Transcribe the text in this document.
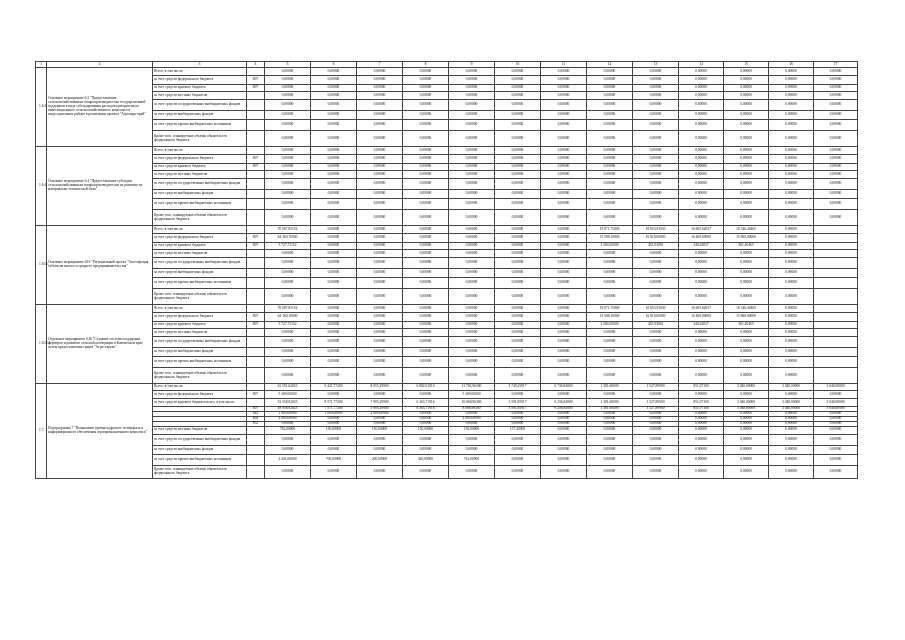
1	2	3	4	5	6	7	8	9	10	11	12	13	14	15	16	17
1.6.3.	Основное мероприятие 6.3 "Предоставление сельскохозяйственным товаропроизводителям государственной поддержки в виде субсидирования расходов приоритетного инвестиционного сельскохозяйственного комплекса в индустриальном районе в реализации проекта "Агропарк-край"	Всего, в том числе:		0,00000	0,00000	0,00000	0,00000	0,00000	0,00000	0,00000	0,00000	0,00000	0,00000	0,00000	0,00000	0,00000
		за счет средств федерального бюджета	807	0,00000	0,00000	0,00000	0,00000	0,00000	0,00000	0,00000	0,00000	0,00000	0,00000	0,00000	0,00000	0,00000
		за счет средств краевого бюджета	807	0,00000	0,00000	0,00000	0,00000	0,00000	0,00000	0,00000	0,00000	0,00000	0,00000	0,00000	0,00000	0,00000
		за счет средств местных бюджетов		0,00000	0,00000	0,00000	0,00000	0,00000	0,00000	0,00000	0,00000	0,00000	0,00000	0,00000	0,00000	0,00000
		за счет средств государственных внебюджетных фондов		0,00000	0,00000	0,00000	0,00000	0,00000	0,00000	0,00000	0,00000	0,00000	0,00000	0,00000	0,00000	0,00000
		за счет средств внебюджетных фондов		0,00000	0,00000	0,00000	0,00000	0,00000	0,00000	0,00000	0,00000	0,00000	0,00000	0,00000	0,00000	0,00000
		за счет средств прочих внебюджетных источников		0,00000	0,00000	0,00000	0,00000	0,00000	0,00000	0,00000	0,00000	0,00000	0,00000	0,00000	0,00000	0,00000
		Кроме того, планируемые объемы обязательств федерального бюджета		0,00000	0,00000	0,00000	0,00000	0,00000	0,00000	0,00000	0,00000	0,00000	0,00000	0,00000	0,00000	0,00000
1.6.4.	Основное мероприятие 6.4 "Предоставление субсидии сельскохозяйственным товаропроизводителям на развитие их материально-технической базы"	Всего, в том числе:		0,00000	0,00000	0,00000	0,00000	0,00000	0,00000	0,00000	0,00000	0,00000	0,00000	0,00000	0,00000	0,00000
		за счет средств федерального бюджета	807	0,00000	0,00000	0,00000	0,00000	0,00000	0,00000	0,00000	0,00000	0,00000	0,00000	0,00000	0,00000	0,00000
		за счет средств краевого бюджета	807	0,00000	0,00000	0,00000	0,00000	0,00000	0,00000	0,00000	0,00000	0,00000	0,00000	0,00000	0,00000	0,00000
		за счет средств местных бюджетов		0,00000	0,00000	0,00000	0,00000	0,00000	0,00000	0,00000	0,00000	0,00000	0,00000	0,00000	0,00000	0,00000
		за счет средств государственных внебюджетных фондов		0,00000	0,00000	0,00000	0,00000	0,00000	0,00000	0,00000	0,00000	0,00000	0,00000	0,00000	0,00000	0,00000
		за счет средств внебюджетных фондов		0,00000	0,00000	0,00000	0,00000	0,00000	0,00000	0,00000	0,00000	0,00000	0,00000	0,00000	0,00000	0,00000
		за счет средств прочих внебюджетных источников		0,00000	0,00000	0,00000	0,00000	0,00000	0,00000	0,00000	0,00000	0,00000	0,00000	0,00000	0,00000	0,00000
		Кроме того, планируемые объемы обязательств федерального бюджета		0,00000	0,00000	0,00000	0,00000	0,00000	0,00000	0,00000	0,00000	0,00000	0,00000	0,00000	0,00000	0,00000
1.6.IS.	Основное мероприятие 6.IS "Региональный проект "Акселерация субъектов малого и среднего предпринимательства"	Всего, в том числе:		70 087,85152	0,00000	0,00000	0,00000	0,00000	0,00000	0,00000	19 071,75000	18 853,93030	16 605,62037	16 346,40465	0,00000	
		за счет средств федерального бюджета	807	64 360,10000	0,00000	0,00000	0,00000	0,00000	0,00000	0,00000	15 588,10000	16 818,00000	16 460,00000	15 960,00000	0,00000	
		за счет средств краевого бюджета	807	5 727,75152	0,00000	0,00000	0,00000	0,00000	0,00000	0,00000	3 584,65000	435,93030	346,62037	361,40465	0,00000	
		за счет средств местных бюджетов		0,00000	0,00000	0,00000	0,00000	0,00000	0,00000	0,00000	0,00000	0,00000	0,00000	0,00000	0,00000	
		за счет средств государственных внебюджетных фондов		0,00000	0,00000	0,00000	0,00000	0,00000	0,00000	0,00000	0,00000	0,00000	0,00000	0,00000	0,00000	
		за счет средств внебюджетных фондов		0,00000	0,00000	0,00000	0,00000	0,00000	0,00000	0,00000	0,00000	0,00000	0,00000	0,00000	0,00000	
		за счет средств прочих внебюджетных источников		0,00000	0,00000	0,00000	0,00000	0,00000	0,00000	0,00000	0,00000	0,00000	0,00000	0,00000	0,00000	
		Кроме того, планируемые объемы обязательств федерального бюджета		0,00000	0,00000	0,00000	0,00000	0,00000	0,00000	0,00000	0,00000	0,00000	0,00000	0,00000	0,00000	
1.6.IS.1.	Отдельное мероприятие 6.IS "Создание системы поддержки фермеров и развитие сельской кооперации в Камчатском крае путем предоставления гранта "Агростартап"	Всего, в том числе:		70 087,85152	0,00000	0,00000	0,00000	0,00000	0,00000	0,00000	19 071,75000	18 853,93030	16 605,62037	16 346,40465	0,00000	
		за счет средств федерального бюджета	807	64 360,10000	0,00000	0,00000	0,00000	0,00000	0,00000	0,00000	15 588,10000	16 818,00000	16 460,00000	15 960,00000	0,00000	
		за счет средств краевого бюджета	807	5 727,75152	0,00000	0,00000	0,00000	0,00000	0,00000	0,00000	3 584,65000	435,93030	346,62037	361,40465	0,00000	
		за счет средств местных бюджетов		0,00000	0,00000	0,00000	0,00000	0,00000	0,00000	0,00000	0,00000	0,00000	0,00000	0,00000	0,00000	
		за счет средств государственных внебюджетных фондов		0,00000	0,00000	0,00000	0,00000	0,00000	0,00000	0,00000	0,00000	0,00000	0,00000	0,00000	0,00000	
		за счет средств внебюджетных фондов		0,00000	0,00000	0,00000	0,00000	0,00000	0,00000	0,00000	0,00000	0,00000	0,00000	0,00000	0,00000	
		за счет средств прочих внебюджетных источников		0,00000	0,00000	0,00000	0,00000	0,00000	0,00000	0,00000	0,00000	0,00000	0,00000	0,00000	0,00000	
		Кроме того, планируемые объемы обязательств федерального бюджета		0,00000	0,00000	0,00000	0,00000	0,00000	0,00000	0,00000	0,00000	0,00000	0,00000	0,00000	0,00000	
1.7.	Подпрограмма 7 "Повышение уровня кадрового потенциала и информационного обеспечения агропромышленного комплекса"	Всего, в том числе:		61 591,62023	9 421,77200	8 055,29900	6 882,01916	11 765,96300	3 749,25917	6 736,84800	1 381,60000	1 527,89900	851,07100	3 040,00000	3 040,00000	3 040,00000
		за счет средств федерального бюджета	807	5 269,00000	0,00000	0,00000	0,00000	5 269,00000	0,00000	0,00000	0,00000	0,00000	0,00000	0,00000	0,00000	0,00000
		за счет средств краевого бюджета всего, в том числе:		53 558,92023	8 571,77200	7 905,29900	6 363,71916	10 068,96300	3 591,85917	6 236,84800	1 381,60000	1 527,89900	851,07100	3 040,00000	3 040,00000	3 040,00000
			807	49 958,92023	7 571,77200	5 905,29900	6 363,71916	8 068,96300	3 591,85917	6 236,84800	1 381,60000	1 527,89900	851,07100	3 040,00000	3 040,00000	3 040,00000
			843	1 000,00000	1 000,00000	2 000,00000	0,00000	0,00000	0,00000	0,00000	0,00000	0,00000	0,00000	0,00000	0,00000	0,00000
			804	2 000,00000	0,00000	0,00000	0,00000	2 000,00000	0,00000	0,00000	0,00000	0,00000	0,00000	0,00000	0,00000	0,00000
			852	0,00000	0,00000	0,00000	0,00000	0,00000	0,00000	0,00000	0,00000	0,00000	0,00000	0,00000	0,00000	0,00000
		за счет средств местных бюджетов		762,00000	150,00000	150,00000	150,00000	156,00000	157,40000	0,00000	0,00000	0,00000	0,00000	0,00000	0,00000	0,00000
		за счет средств государственных внебюджетных фондов		0,00000	0,00000	0,00000	0,00000	0,00000	0,00000	0,00000	0,00000	0,00000	0,00000	0,00000	0,00000	0,00000
		за счет средств внебюджетных фондов		0,00000	0,00000	0,00000	0,00000	0,00000	0,00000	0,00000	0,00000	0,00000	0,00000	0,00000	0,00000	0,00000
		за счет средств прочих внебюджетных источников		2 441,60000	700,00000	200,00000	320,00000	742,00000	0,00000	0,00000	0,00000	0,00000	0,00000	0,00000	0,00000	0,00000
		Кроме того, планируемые объемы обязательств федерального бюджета		0,00000	0,00000	0,00000	0,00000	0,00000	0,00000	0,00000	0,00000	0,00000	0,00000	0,00000	0,00000	0,00000
